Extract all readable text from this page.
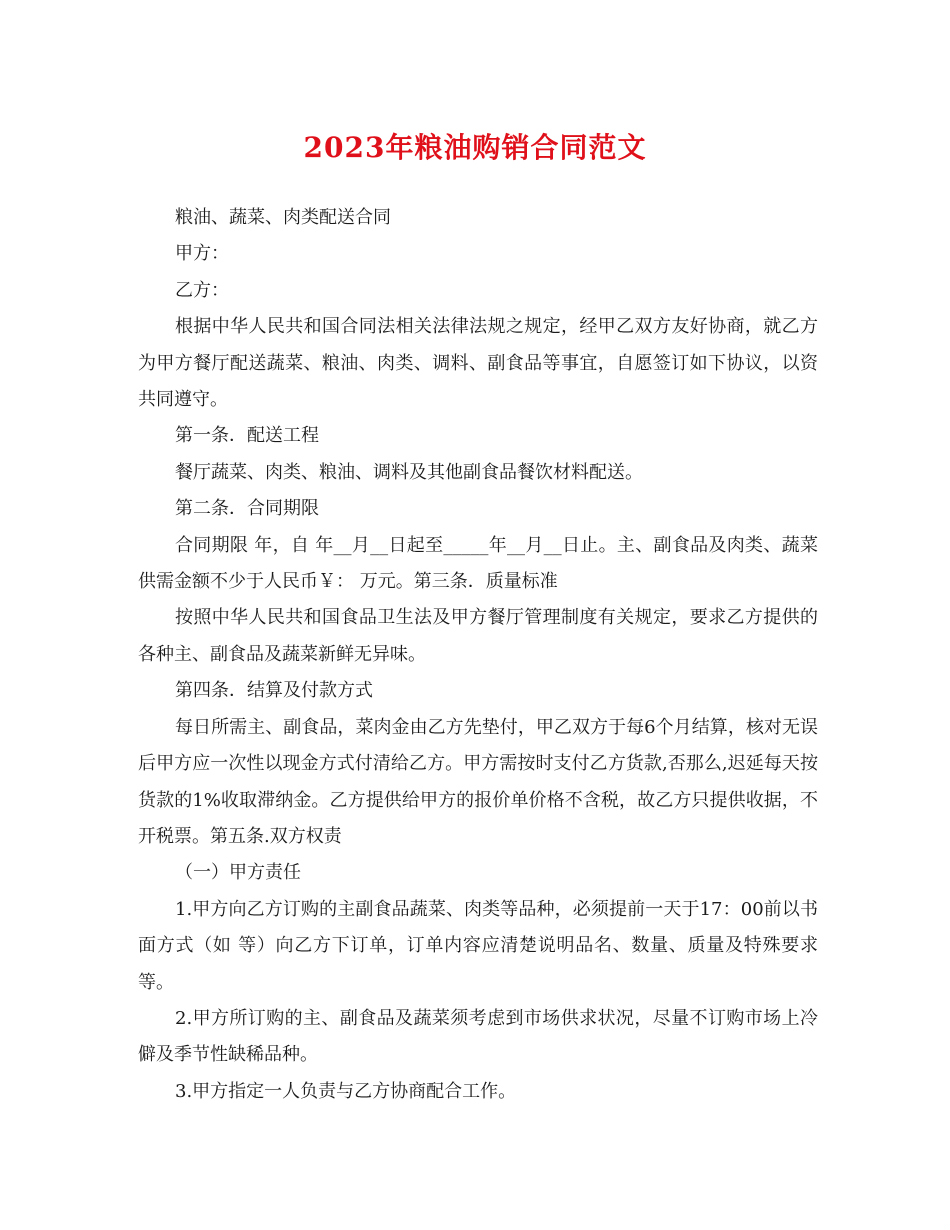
2023年粮油购销合同范文

粮油、蔬菜、肉类配送合同

甲方：

乙方：

根据中华人民共和国合同法相关法律法规之规定，经甲乙双方友好协商，就乙方为甲方餐厅配送蔬菜、粮油、肉类、调料、副食品等事宜，自愿签订如下协议，以资共同遵守。

第一条．配送工程

餐厅蔬菜、肉类、粮油、调料及其他副食品餐饮材料配送。

第二条．合同期限

合同期限 年，自 年__月__日起至_____年__月__日止。主、副食品及肉类、蔬菜供需金额不少于人民币￥： 万元。第三条．质量标准

按照中华人民共和国食品卫生法及甲方餐厅管理制度有关规定，要求乙方提供的各种主、副食品及蔬菜新鲜无异味。

第四条．结算及付款方式

每日所需主、副食品，菜肉金由乙方先垫付，甲乙双方于每6个月结算，核对无误后甲方应一次性以现金方式付清给乙方。甲方需按时支付乙方货款,否那么,迟延每天按货款的1%收取滞纳金。乙方提供给甲方的报价单价格不含税，故乙方只提供收据，不开税票。第五条.双方权责

（一）甲方责任

1.甲方向乙方订购的主副食品蔬菜、肉类等品种，必须提前一天于17：00前以书面方式（如 等）向乙方下订单，订单内容应清楚说明品名、数量、质量及特殊要求等。

2.甲方所订购的主、副食品及蔬菜须考虑到市场供求状况，尽量不订购市场上冷僻及季节性缺稀品种。

3.甲方指定一人负责与乙方协商配合工作。
